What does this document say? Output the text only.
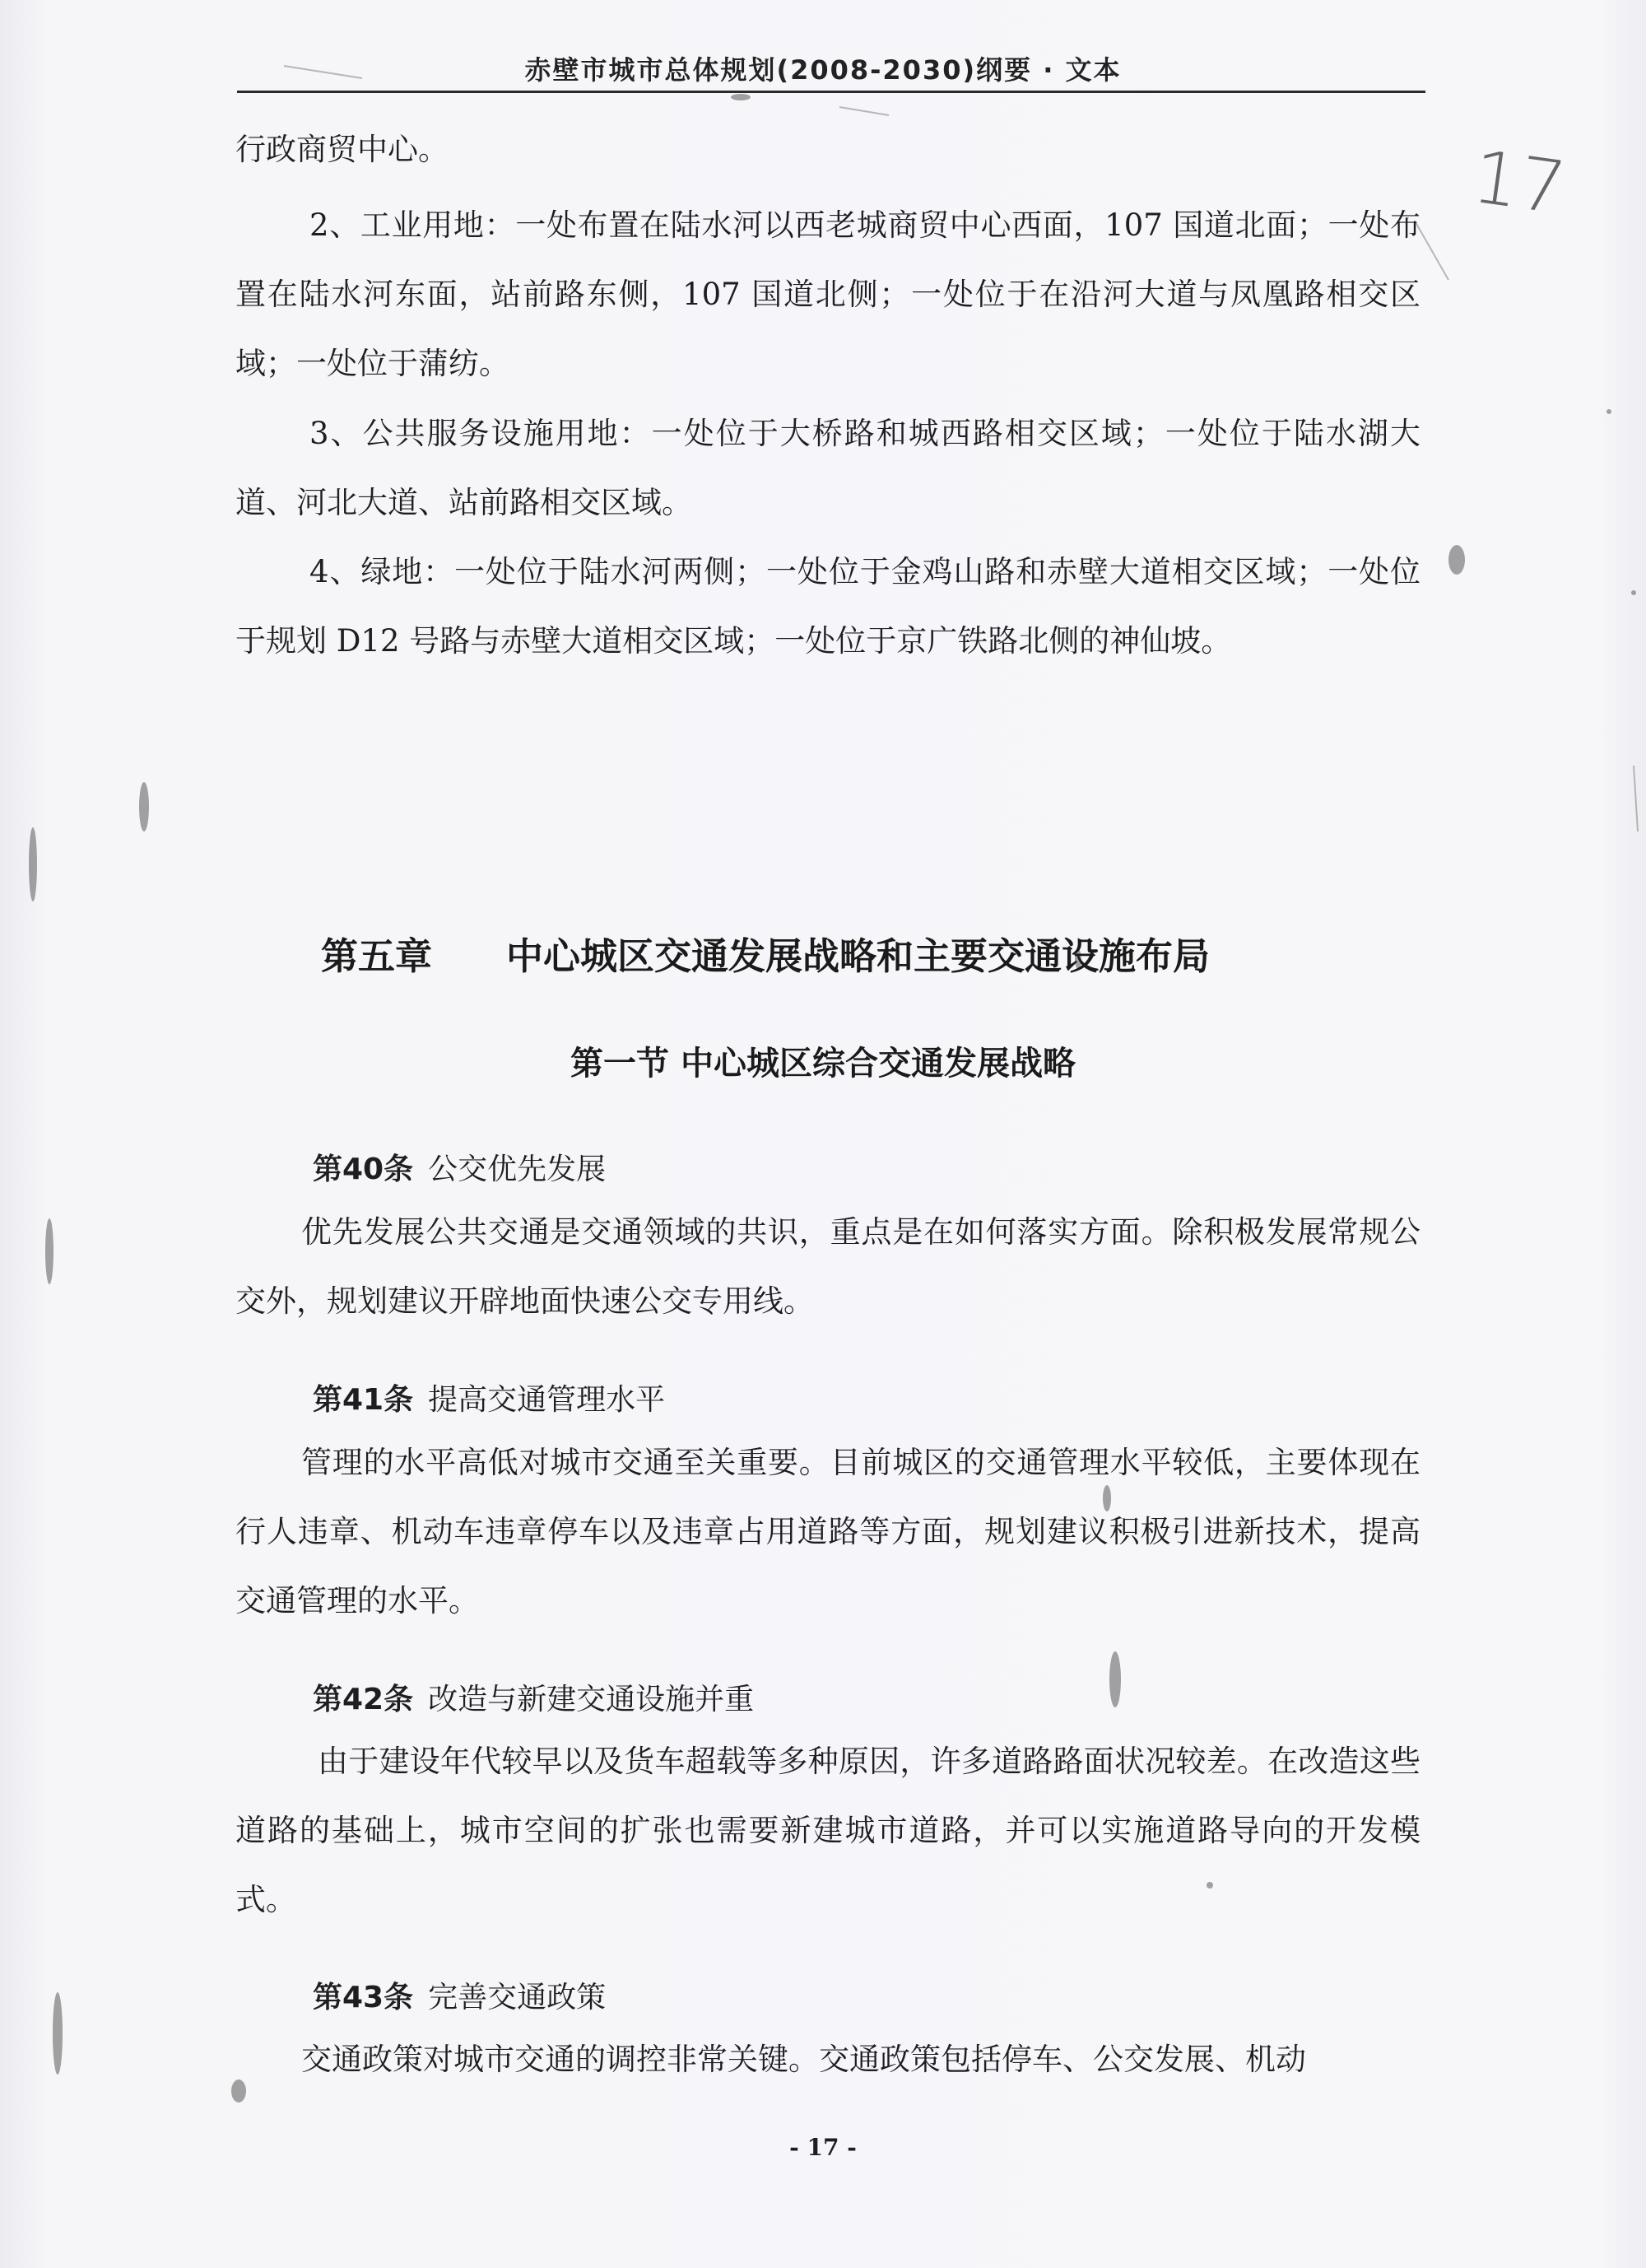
赤壁市城市总体规划(2008-2030)纲要 · 文本
17

行政商贸中心。

2、工业用地：一处布置在陆水河以西老城商贸中心西面，107 国道北面；一处布置在陆水河东面，站前路东侧，107 国道北侧；一处位于在沿河大道与凤凰路相交区域；一处位于蒲纺。

3、公共服务设施用地：一处位于大桥路和城西路相交区域；一处位于陆水湖大道、河北大道、站前路相交区域。

4、绿地：一处位于陆水河两侧；一处位于金鸡山路和赤壁大道相交区域；一处位于规划 D12 号路与赤壁大道相交区域；一处位于京广铁路北侧的神仙坡。

第五章 中心城区交通发展战略和主要交通设施布局
第一节 中心城区综合交通发展战略
第40条 公交优先发展

优先发展公共交通是交通领域的共识，重点是在如何落实方面。除积极发展常规公交外，规划建议开辟地面快速公交专用线。

第41条 提高交通管理水平

管理的水平高低对城市交通至关重要。目前城区的交通管理水平较低，主要体现在行人违章、机动车违章停车以及违章占用道路等方面，规划建议积极引进新技术，提高交通管理的水平。

第42条 改造与新建交通设施并重

由于建设年代较早以及货车超载等多种原因，许多道路路面状况较差。在改造这些道路的基础上，城市空间的扩张也需要新建城市道路，并可以实施道路导向的开发模式。

第43条 完善交通政策

交通政策对城市交通的调控非常关键。交通政策包括停车、公交发展、机动

- 17 -
